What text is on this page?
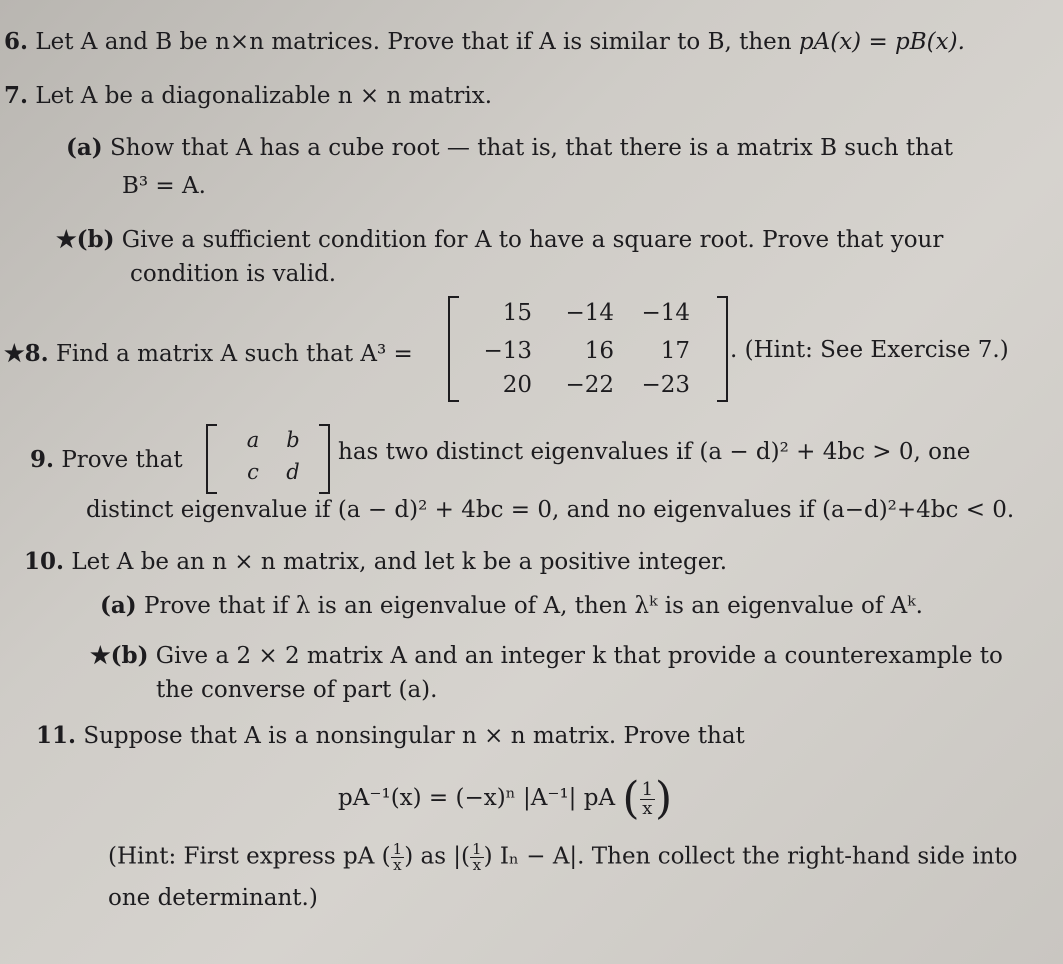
6. Let A and B be n×n matrices. Prove that if A is similar to B, then pA(x) = pB(x).
7. Let A be a diagonalizable n × n matrix.
(a) Show that A has a cube root — that is, that there is a matrix B such that
B³ = A.
★(b) Give a sufficient condition for A to have a square root. Prove that your
condition is valid.
★8. Find a matrix A such that A³ =
15	−14	−14
−13	16	17
20	−22	−23
. (Hint: See Exercise 7.)
9. Prove that
a	b
c	d
has two distinct eigenvalues if (a − d)² + 4bc > 0, one
distinct eigenvalue if (a − d)² + 4bc = 0, and no eigenvalues if (a−d)²+4bc < 0.
10. Let A be an n × n matrix, and let k be a positive integer.
(a) Prove that if λ is an eigenvalue of A, then λᵏ is an eigenvalue of Aᵏ.
★(b) Give a 2 × 2 matrix A and an integer k that provide a counterexample to
the converse of part (a).
11. Suppose that A is a nonsingular n × n matrix. Prove that
pA⁻¹(x) = (−x)ⁿ |A⁻¹| pA ( $\frac{1}{x}$ )
(Hint: First express pA ( $\frac{1}{x}$ ) as |( $\frac{1}{x}$ ) Iₙ − A|. Then collect the right-hand side into
one determinant.)
